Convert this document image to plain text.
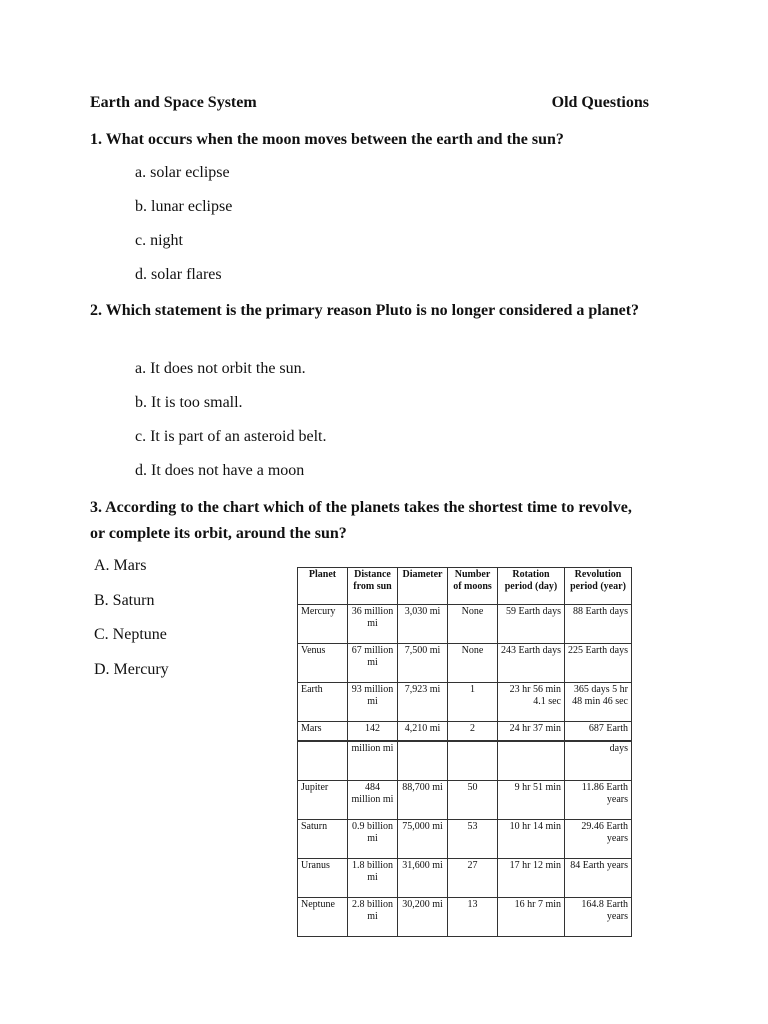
Earth and Space System	Old Questions
1. What occurs when the moon moves between the earth and the sun?
a. solar eclipse
b. lunar eclipse
c. night
d. solar flares
2. Which statement is the primary reason Pluto is no longer considered a planet?
a. It does not orbit the sun.
b. It is too small.
c. It is part of an asteroid belt.
d. It does not have a moon
3. According to the chart which of the planets takes the shortest time to revolve, or complete its orbit, around the sun?
A. Mars
B. Saturn
C. Neptune
D. Mercury
Planet	Distance from sun	Diameter	Number of moons	Rotation period (day)	Revolution period (year)
Mercury	36 million mi	3,030 mi	None	59 Earth days	88 Earth days
Venus	67 million mi	7,500 mi	None	243 Earth days	225 Earth days
Earth	93 million mi	7,923 mi	1	23 hr 56 min 4.1 sec	365 days 5 hr 48 min 46 sec
Mars	142	4,210 mi	2	24 hr 37 min	687 Earth
	million mi				days
Jupiter	484 million mi	88,700 mi	50	9 hr 51 min	11.86 Earth years
Saturn	0.9 billion mi	75,000 mi	53	10 hr 14 min	29.46 Earth years
Uranus	1.8 billion mi	31,600 mi	27	17 hr 12 min	84 Earth years
Neptune	2.8 billion mi	30,200 mi	13	16 hr 7 min	164.8 Earth years
